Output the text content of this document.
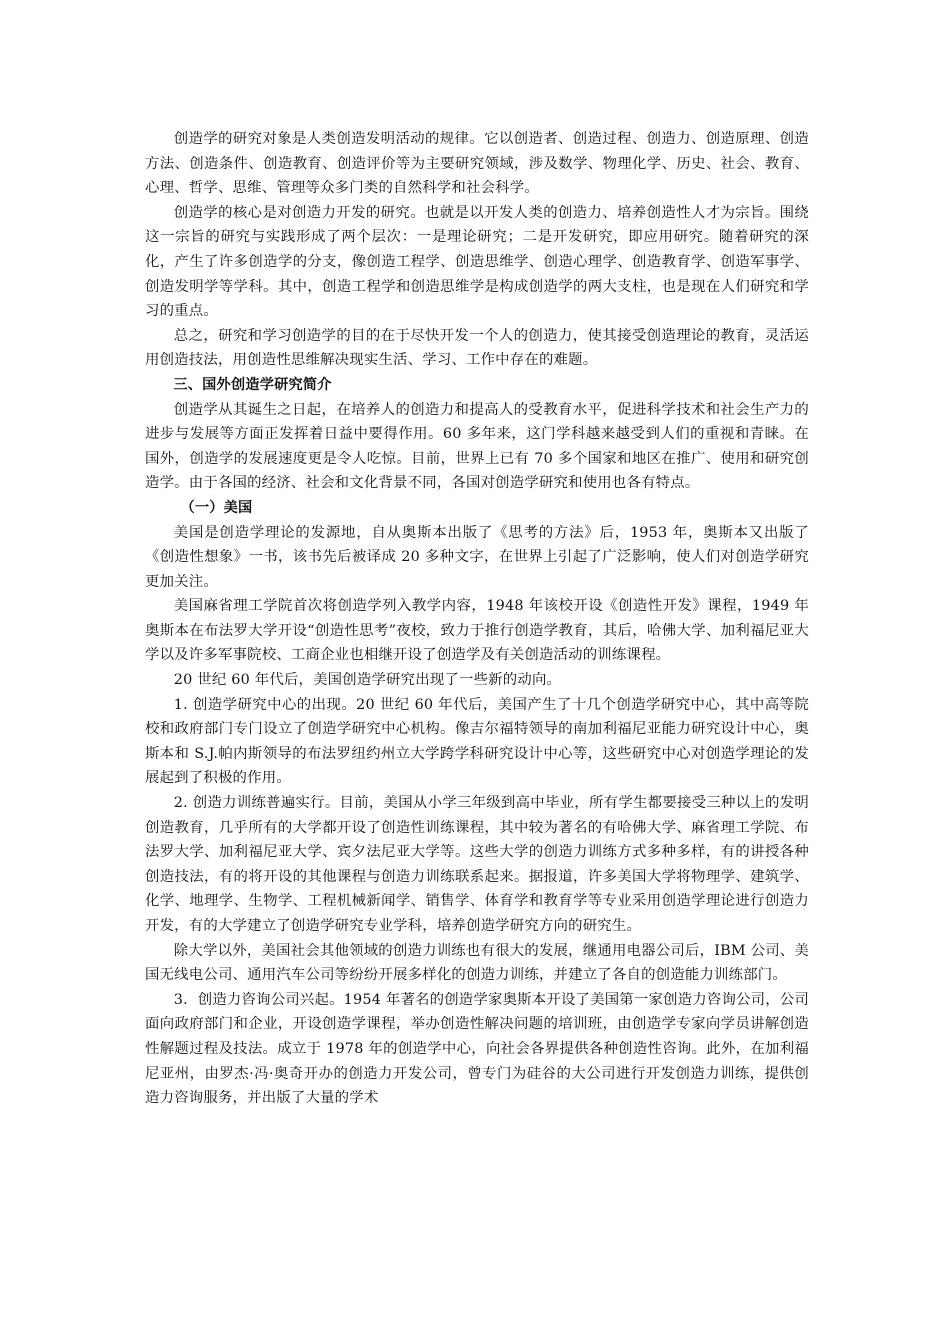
创造学的研究对象是人类创造发明活动的规律。它以创造者、创造过程、创造力、创造原理、创造方法、创造条件、创造教育、创造评价等为主要研究领域，涉及数学、物理化学、历史、社会、教育、心理、哲学、思维、管理等众多门类的自然科学和社会科学。

创造学的核心是对创造力开发的研究。也就是以开发人类的创造力、培养创造性人才为宗旨。围绕这一宗旨的研究与实践形成了两个层次：一是理论研究；二是开发研究，即应用研究。随着研究的深化，产生了许多创造学的分支，像创造工程学、创造思维学、创造心理学、创造教育学、创造军事学、创造发明学等学科。其中，创造工程学和创造思维学是构成创造学的两大支柱，也是现在人们研究和学习的重点。

总之，研究和学习创造学的目的在于尽快开发一个人的创造力，使其接受创造理论的教育，灵活运用创造技法，用创造性思维解决现实生活、学习、工作中存在的难题。

三、国外创造学研究简介

创造学从其诞生之日起，在培养人的创造力和提高人的受教育水平，促进科学技术和社会生产力的进步与发展等方面正发挥着日益中要得作用。60 多年来，这门学科越来越受到人们的重视和青睐。在国外，创造学的发展速度更是令人吃惊。目前，世界上已有 70 多个国家和地区在推广、使用和研究创造学。由于各国的经济、社会和文化背景不同，各国对创造学研究和使用也各有特点。

（一）美国

美国是创造学理论的发源地，自从奥斯本出版了《思考的方法》后，1953 年，奥斯本又出版了《创造性想象》一书，该书先后被译成 20 多种文字，在世界上引起了广泛影响，使人们对创造学研究更加关注。

美国麻省理工学院首次将创造学列入教学内容，1948 年该校开设《创造性开发》课程，1949 年奥斯本在布法罗大学开设“创造性思考”夜校，致力于推行创造学教育，其后，哈佛大学、加利福尼亚大学以及许多军事院校、工商企业也相继开设了创造学及有关创造活动的训练课程。

20 世纪 60 年代后，美国创造学研究出现了一些新的动向。

1. 创造学研究中心的出现。20 世纪 60 年代后，美国产生了十几个创造学研究中心，其中高等院校和政府部门专门设立了创造学研究中心机构。像吉尔福特领导的南加利福尼亚能力研究设计中心，奥斯本和 S.J.帕内斯领导的布法罗纽约州立大学跨学科研究设计中心等，这些研究中心对创造学理论的发展起到了积极的作用。

2. 创造力训练普遍实行。目前，美国从小学三年级到高中毕业，所有学生都要接受三种以上的发明创造教育，几乎所有的大学都开设了创造性训练课程，其中较为著名的有哈佛大学、麻省理工学院、布法罗大学、加利福尼亚大学、宾夕法尼亚大学等。这些大学的创造力训练方式多种多样，有的讲授各种创造技法，有的将开设的其他课程与创造力训练联系起来。据报道，许多美国大学将物理学、建筑学、化学、地理学、生物学、工程机械新闻学、销售学、体育学和教育学等专业采用创造学理论进行创造力开发，有的大学建立了创造学研究专业学科，培养创造学研究方向的研究生。

除大学以外，美国社会其他领域的创造力训练也有很大的发展，继通用电器公司后，IBM 公司、美国无线电公司、通用汽车公司等纷纷开展多样化的创造力训练，并建立了各自的创造能力训练部门。

3．创造力咨询公司兴起。1954 年著名的创造学家奥斯本开设了美国第一家创造力咨询公司，公司面向政府部门和企业，开设创造学课程，举办创造性解决问题的培训班，由创造学专家向学员讲解创造性解题过程及技法。成立于 1978 年的创造学中心，向社会各界提供各种创造性咨询。此外，在加利福尼亚州，由罗杰·冯·奥奇开办的创造力开发公司，曾专门为硅谷的大公司进行开发创造力训练，提供创造力咨询服务，并出版了大量的学术
